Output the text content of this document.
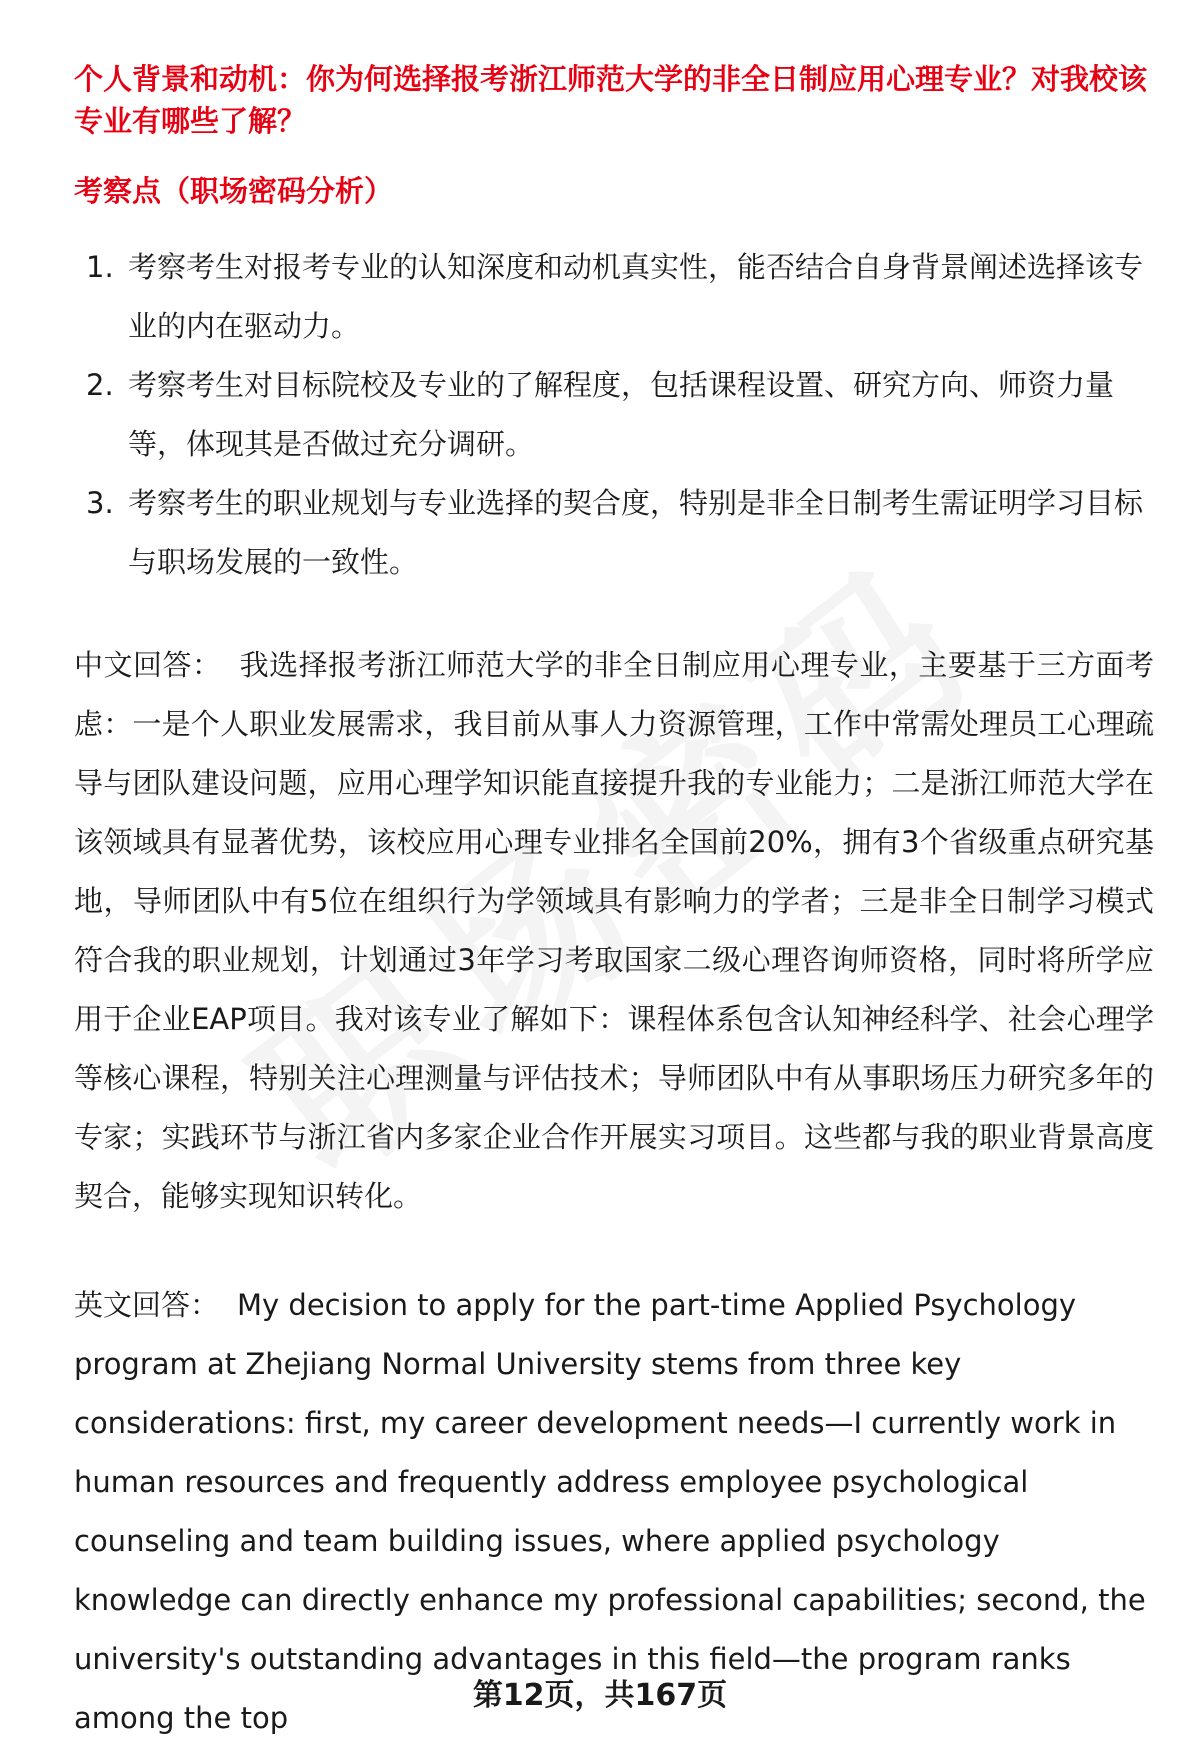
个人背景和动机：你为何选择报考浙江师范大学的非全日制应用心理专业？对我校该专业有哪些了解？

考察点（职场密码分析）

1. 考察考生对报考专业的认知深度和动机真实性，能否结合自身背景阐述选择该专业的内在驱动力。
2. 考察考生对目标院校及专业的了解程度，包括课程设置、研究方向、师资力量等，体现其是否做过充分调研。
3. 考察考生的职业规划与专业选择的契合度，特别是非全日制考生需证明学习目标与职场发展的一致性。

中文回答： 我选择报考浙江师范大学的非全日制应用心理专业，主要基于三方面考虑：一是个人职业发展需求，我目前从事人力资源管理，工作中常需处理员工心理疏导与团队建设问题，应用心理学知识能直接提升我的专业能力；二是浙江师范大学在该领域具有显著优势，该校应用心理专业排名全国前20%，拥有3个省级重点研究基地，导师团队中有5位在组织行为学领域具有影响力的学者；三是非全日制学习模式符合我的职业规划，计划通过3年学习考取国家二级心理咨询师资格，同时将所学应用于企业EAP项目。我对该专业了解如下：课程体系包含认知神经科学、社会心理学等核心课程，特别关注心理测量与评估技术；导师团队中有从事职场压力研究多年的专家；实践环节与浙江省内多家企业合作开展实习项目。这些都与我的职业背景高度契合，能够实现知识转化。

英文回答： My decision to apply for the part-time Applied Psychology program at Zhejiang Normal University stems from three key considerations: first, my career development needs—I currently work in human resources and frequently address employee psychological counseling and team building issues, where applied psychology knowledge can directly enhance my professional capabilities; second, the university's outstanding advantages in this field—the program ranks among the top

第12页，共167页
